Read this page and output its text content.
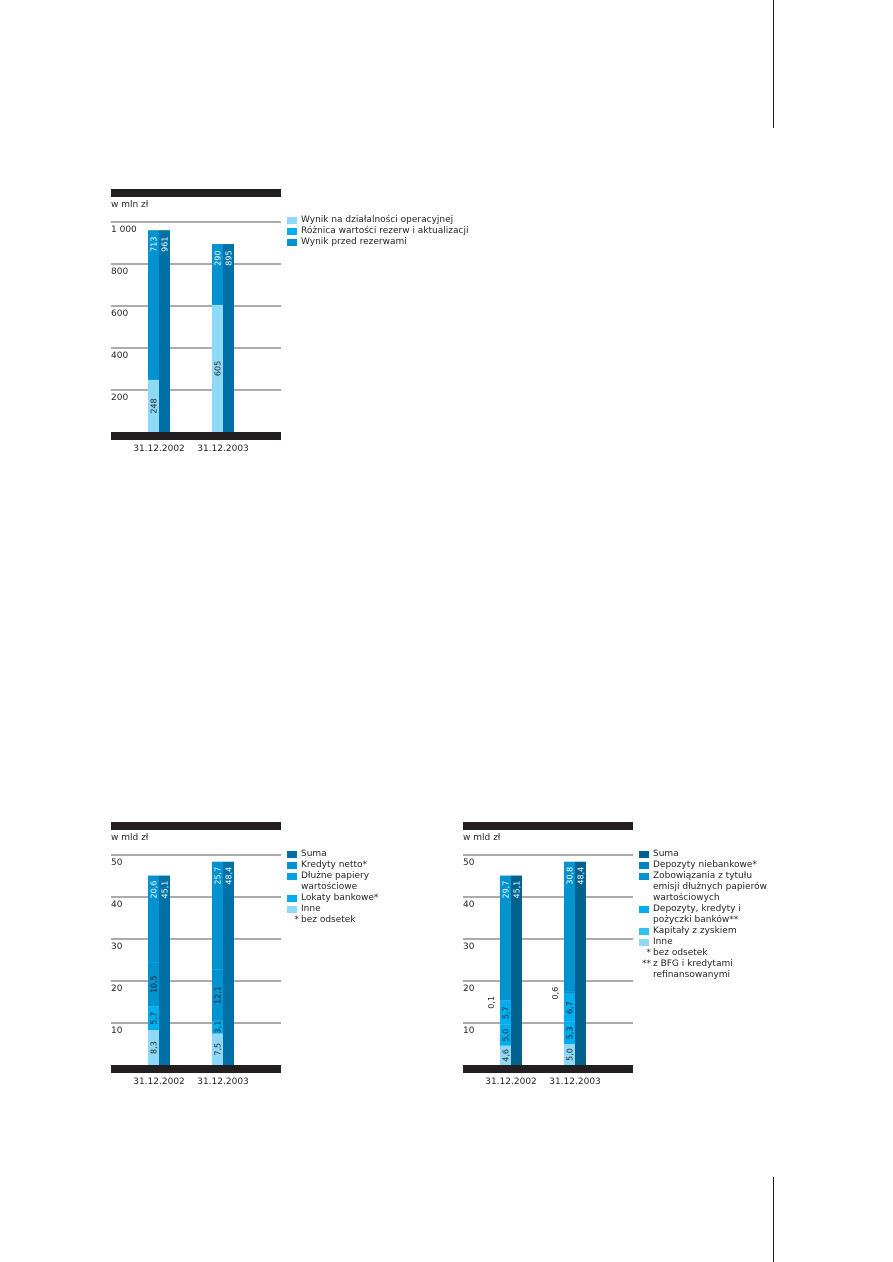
w mln zł
200
400
600
800
1 000
248
713 961
31.12.2002
605
290 895
31.12.2003
Wynik na działalności operacyjnej
Różnica wartości rezerw i aktualizacji
Wynik przed rezerwami
w mld zł
10
20
30
40
50
8,3
5,7
10,5
20,6 45,1
31.12.2002
7,5
3,1
12,1
25,7 48,4
31.12.2003
Suma
Kredyty netto*
Dłużne papiery wartościowe
Lokaty bankowe*
Inne
* bez odsetek
w mld zł
10
20
30
40
50
4,6
5,0
5,7
0,1
29,7 45,1
31.12.2002
5,0
5,3
6,7
0,6
30,8 48,4
31.12.2003
Suma
Depozyty niebankowe*
Zobowiązania z tytułu emisji dłużnych papierów wartościowych
Depozyty, kredyty i pożyczki banków**
Kapitały z zyskiem
Inne
* bez odsetek
** z BFG i kredytami refinansowanymi
